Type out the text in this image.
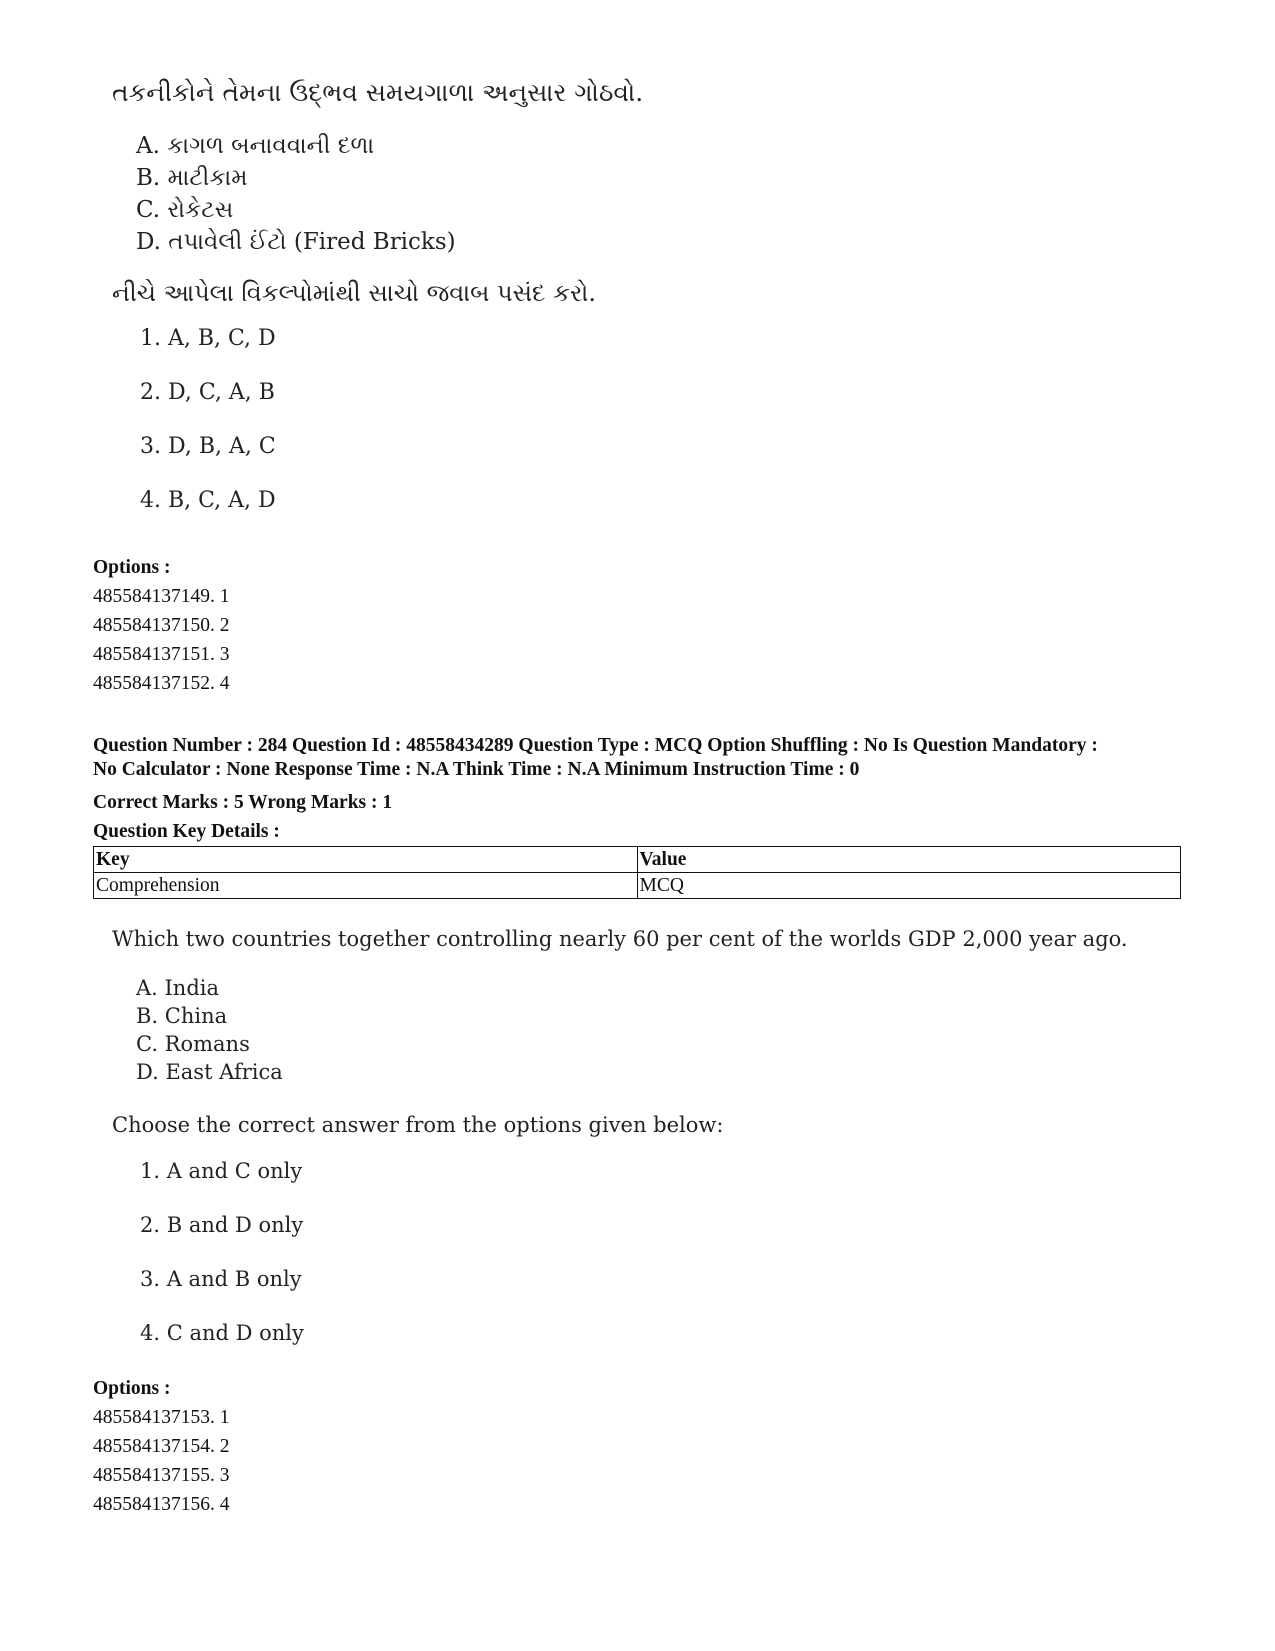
તકનીકોને તેમના ઉદ્ભવ સમયગાળા અનુસાર ગોઠવો.

A. કાગળ બનાવવાની દળા
B. માટીકામ
C. રોકેટસ
D. તપાવેલી ઈંટો (Fired Bricks)

નીચે આપેલા વિકલ્પોમાંથી સાચો જવાબ પસંદ કરો.

1. A, B, C, D
2. D, C, A, B
3. D, B, A, C
4. B, C, A, D
Options :
485584137149. 1
485584137150. 2
485584137151. 3
485584137152. 4
Question Number : 284 Question Id : 48558434289 Question Type : MCQ Option Shuffling : No Is Question Mandatory :
No Calculator : None Response Time : N.A Think Time : N.A Minimum Instruction Time : 0
Correct Marks : 5 Wrong Marks : 1
Question Key Details :
Key	Value
Comprehension	MCQ

Which two countries together controlling nearly 60 per cent of the worlds GDP 2,000 year ago.

A. India
B. China
C. Romans
D. East Africa

Choose the correct answer from the options given below:

1. A and C only
2. B and D only
3. A and B only
4. C and D only
Options :
485584137153. 1
485584137154. 2
485584137155. 3
485584137156. 4
